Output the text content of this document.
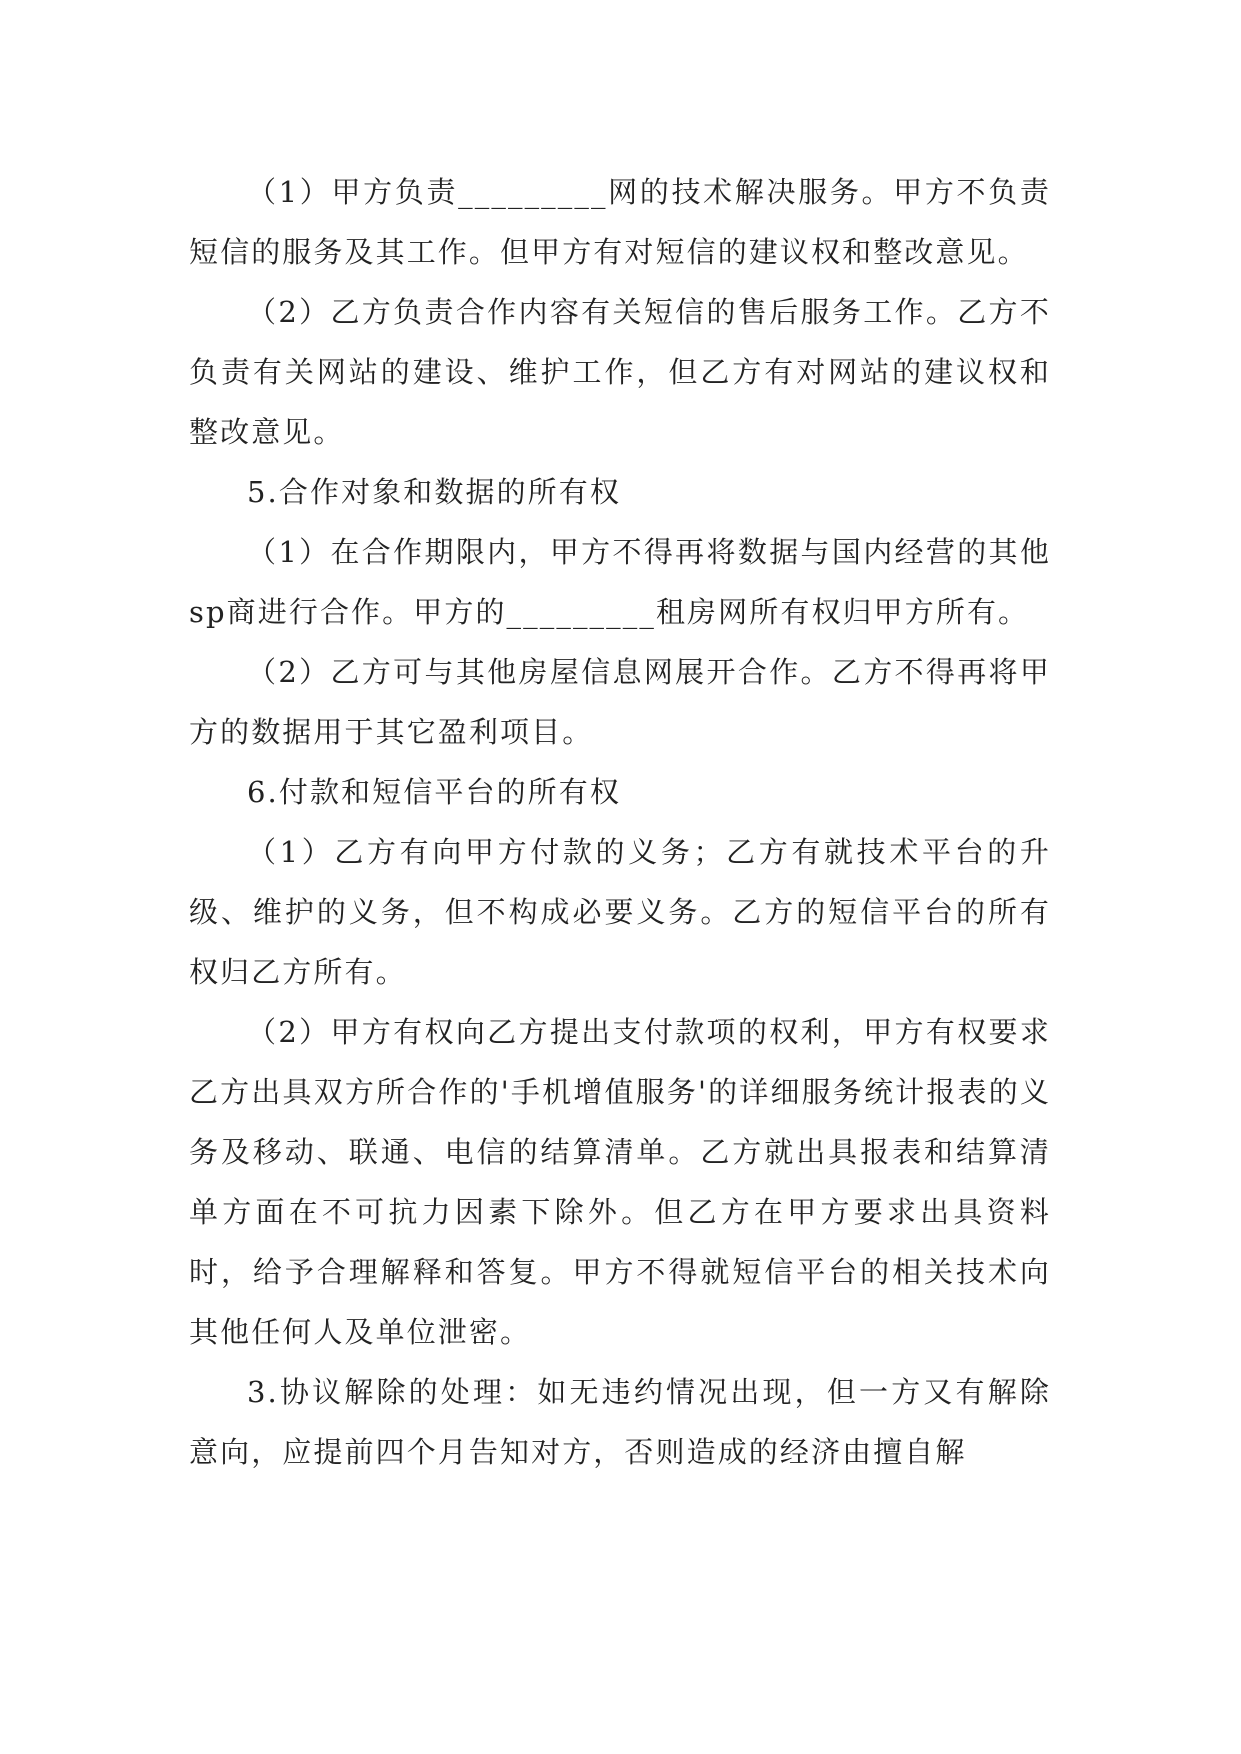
（1）甲方负责_________网的技术解决服务。甲方不负责短信的服务及其工作。但甲方有对短信的建议权和整改意见。

（2）乙方负责合作内容有关短信的售后服务工作。乙方不负责有关网站的建设、维护工作，但乙方有对网站的建议权和整改意见。

5.合作对象和数据的所有权

（1）在合作期限内，甲方不得再将数据与国内经营的其他sp商进行合作。甲方的_________租房网所有权归甲方所有。

（2）乙方可与其他房屋信息网展开合作。乙方不得再将甲方的数据用于其它盈利项目。

6.付款和短信平台的所有权

（1）乙方有向甲方付款的义务；乙方有就技术平台的升级、维护的义务，但不构成必要义务。乙方的短信平台的所有权归乙方所有。

（2）甲方有权向乙方提出支付款项的权利，甲方有权要求乙方出具双方所合作的'手机增值服务'的详细服务统计报表的义务及移动、联通、电信的结算清单。乙方就出具报表和结算清单方面在不可抗力因素下除外。但乙方在甲方要求出具资料时，给予合理解释和答复。甲方不得就短信平台的相关技术向其他任何人及单位泄密。

3.协议解除的处理：如无违约情况出现，但一方又有解除意向，应提前四个月告知对方，否则造成的经济由擅自解
